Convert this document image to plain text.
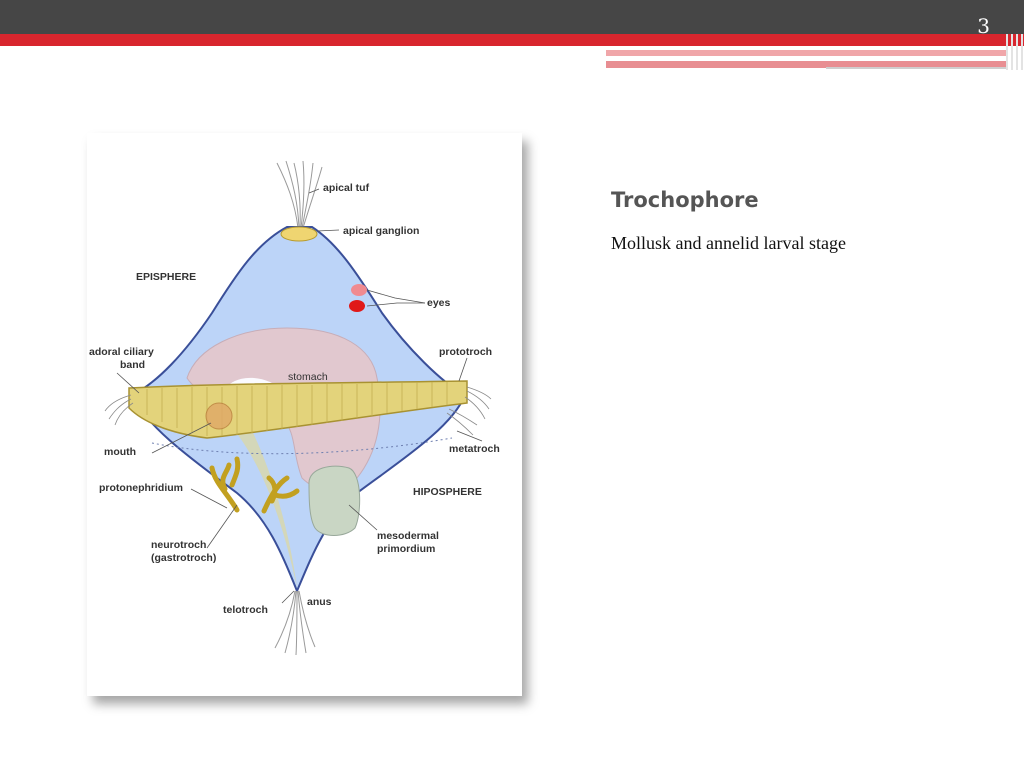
3
apical tuf
apical ganglion
EPISPHERE
eyes
adoral ciliary
band
prototroch
stomach
mouth	metatroch
protonephridium	HIPOSPHERE
neurotroch
(gastrotroch)
mesodermal
primordium
telotroch
anus
Trochophore
Mollusk and annelid larval stage
